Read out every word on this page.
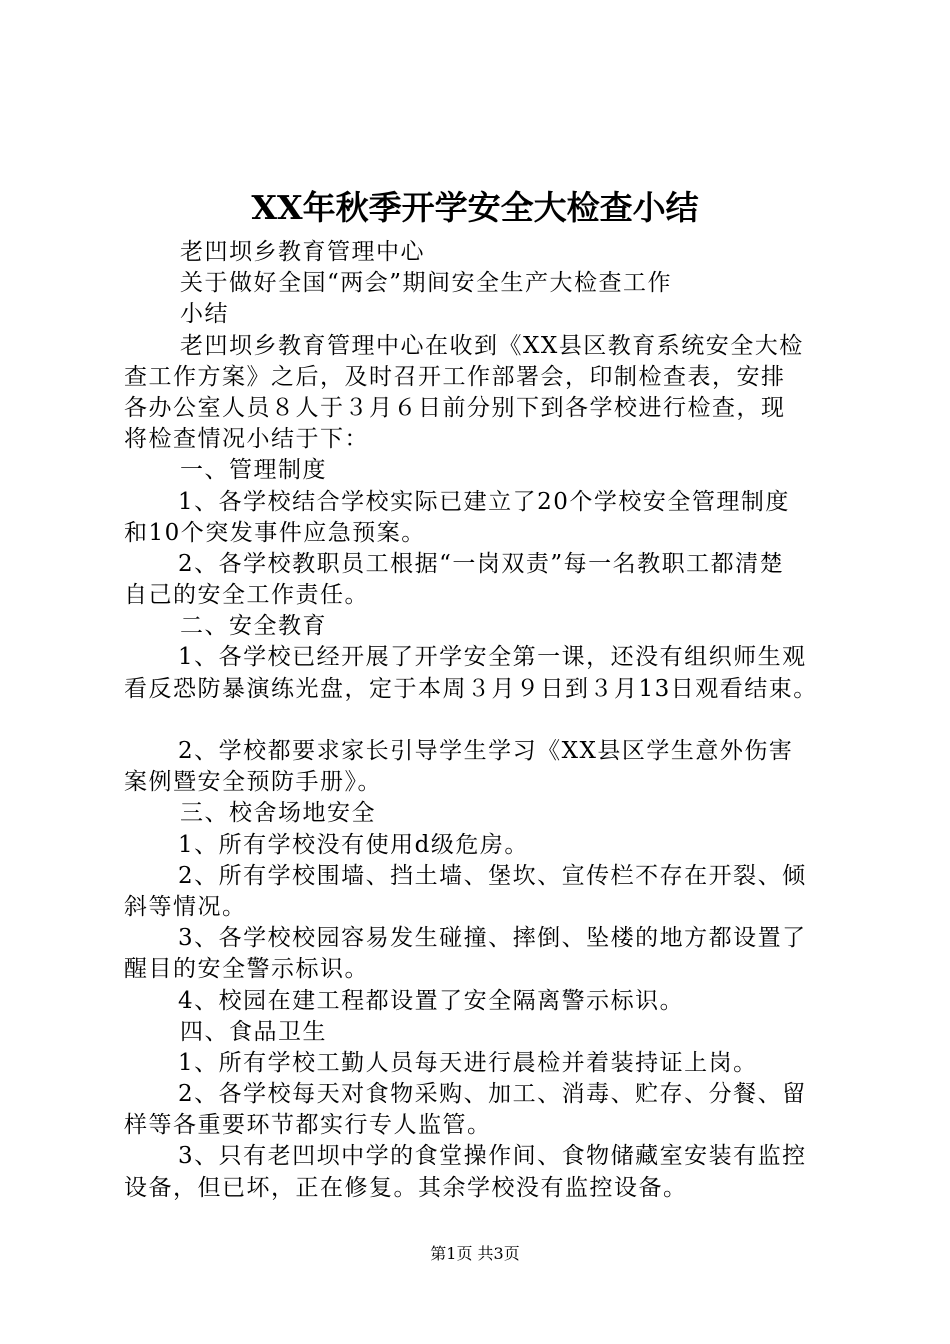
XX年秋季开学安全大检查小结
老凹坝乡教育管理中心
关于做好全国“两会”期间安全生产大检查工作
小结
老凹坝乡教育管理中心在收到《XX县区教育系统安全大检
查工作方案》之后，及时召开工作部署会，印制检查表，安排
各办公室人员８人于３月６日前分别下到各学校进行检查，现
将检查情况小结于下：
一、管理制度
1、各学校结合学校实际已建立了20个学校安全管理制度
和10个突发事件应急预案。
2、各学校教职员工根据“一岗双责”每一名教职工都清楚
自己的安全工作责任。
二、安全教育
1、各学校已经开展了开学安全第一课，还没有组织师生观
看反恐防暴演练光盘，定于本周３月９日到３月13日观看结束。
2、学校都要求家长引导学生学习《XX县区学生意外伤害
案例暨安全预防手册》。
三、校舍场地安全
1、所有学校没有使用d级危房。
2、所有学校围墙、挡土墙、堡坎、宣传栏不存在开裂、倾
斜等情况。
3、各学校校园容易发生碰撞、摔倒、坠楼的地方都设置了
醒目的安全警示标识。
4、校园在建工程都设置了安全隔离警示标识。
四、食品卫生
1、所有学校工勤人员每天进行晨检并着装持证上岗。
2、各学校每天对食物采购、加工、消毒、贮存、分餐、留
样等各重要环节都实行专人监管。
3、只有老凹坝中学的食堂操作间、食物储藏室安装有监控
设备，但已坏，正在修复。其余学校没有监控设备。
第1页 共3页
